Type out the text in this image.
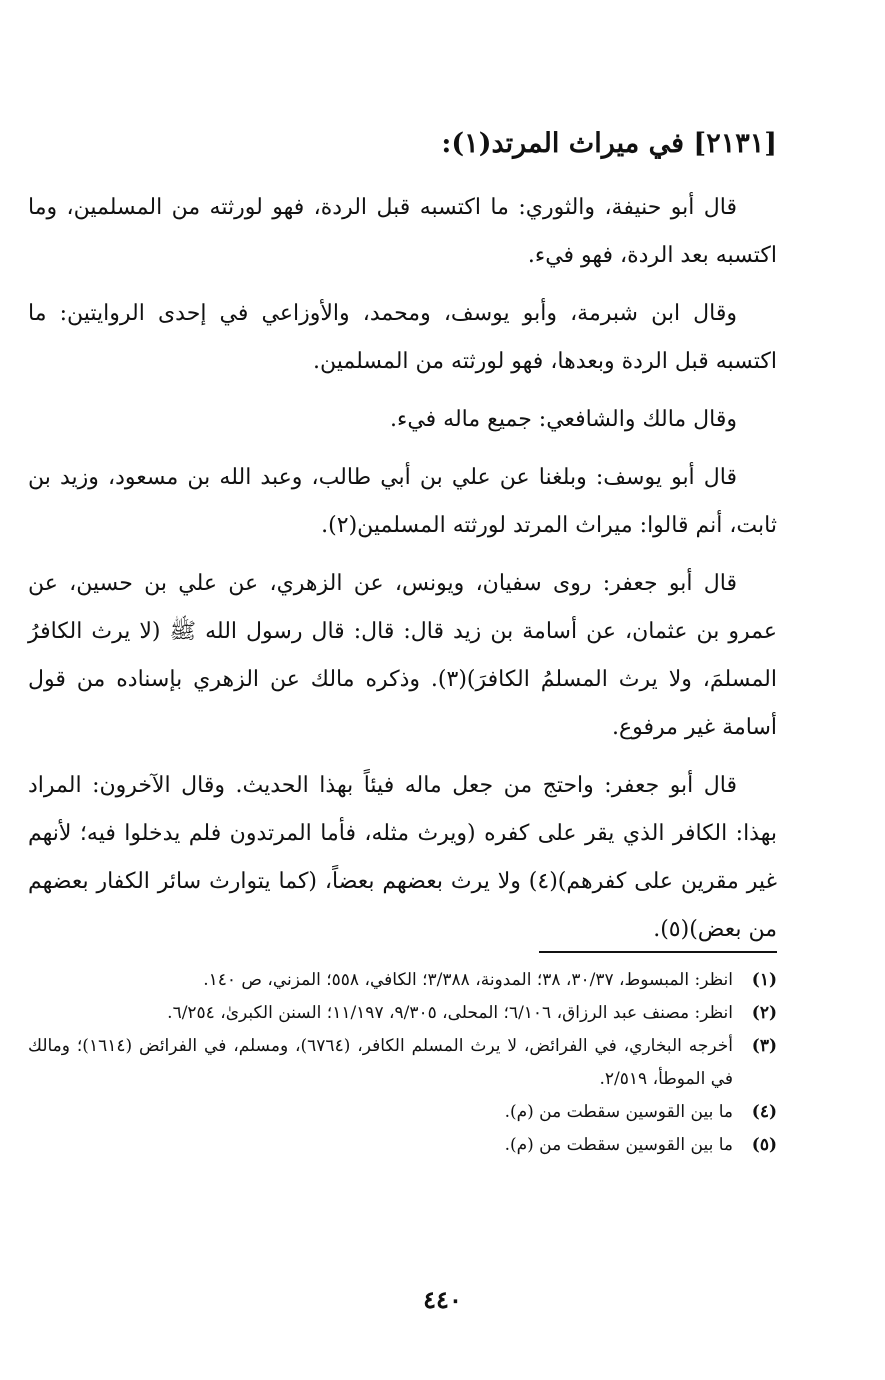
[٢١٣١] في ميراث المرتد(١):

قال أبو حنيفة، والثوري: ما اكتسبه قبل الردة، فهو لورثته من المسلمين، وما اكتسبه بعد الردة، فهو فيء.

وقال ابن شبرمة، وأبو يوسف، ومحمد، والأوزاعي في إحدى الروايتين: ما اكتسبه قبل الردة وبعدها، فهو لورثته من المسلمين.

وقال مالك والشافعي: جميع ماله فيء.

قال أبو يوسف: وبلغنا عن علي بن أبي طالب، وعبد الله بن مسعود، وزيد بن ثابت، أنم قالوا: ميراث المرتد لورثته المسلمين(٢).

قال أبو جعفر: روى سفيان، ويونس، عن الزهري، عن علي بن حسين، عن عمرو بن عثمان، عن أسامة بن زيد قال: قال: قال رسول الله ﷺ (لا يرث الكافرُ المسلمَ، ولا يرث المسلمُ الكافرَ)(٣). وذكره مالك عن الزهري بإسناده من قول أسامة غير مرفوع.

قال أبو جعفر: واحتج من جعل ماله فيئاً بهذا الحديث. وقال الآخرون: المراد بهذا: الكافر الذي يقر على كفره (ويرث مثله، فأما المرتدون فلم يدخلوا فيه؛ لأنهم غير مقرين على كفرهم)(٤) ولا يرث بعضهم بعضاً، (كما يتوارث سائر الكفار بعضهم من بعض)(٥).

(١)
انظر: المبسوط، ٣٠/٣٧، ٣٨؛ المدونة، ٣/٣٨٨؛ الكافي، ٥٥٨؛ المزني، ص ١٤٠.
(٢)
انظر: مصنف عبد الرزاق، ٦/١٠٦؛ المحلى، ٩/٣٠٥، ١١/١٩٧؛ السنن الكبرىٰ، ٦/٢٥٤.
(٣)
أخرجه البخاري، في الفرائض، لا يرث المسلم الكافر، (٦٧٦٤)، ومسلم، في الفرائض (١٦١٤)؛ ومالك في الموطأ، ٢/٥١٩.
(٤)
ما بين القوسين سقطت من (م).
(٥)
ما بين القوسين سقطت من (م).
٤٤٠
